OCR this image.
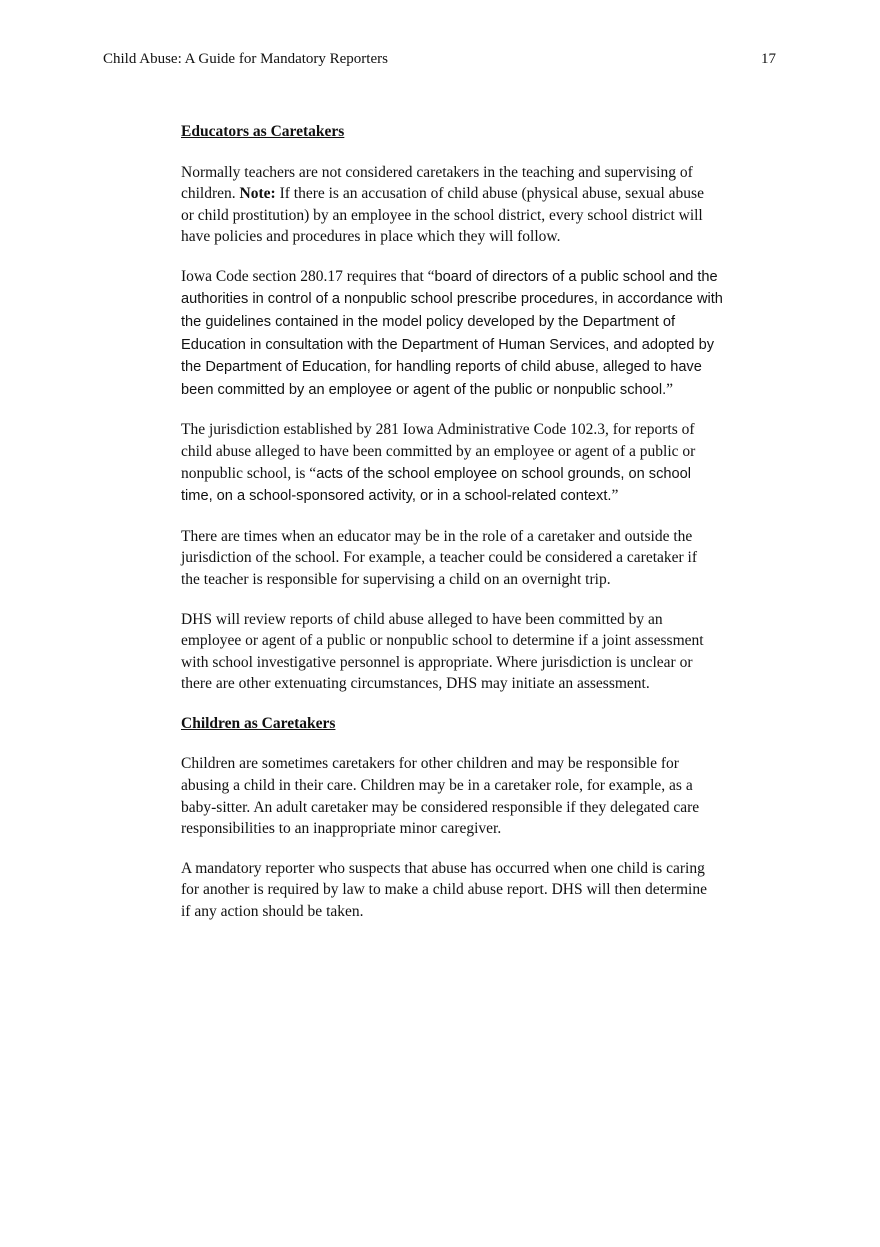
Child Abuse: A Guide for Mandatory Reporters	17
Educators as Caretakers
Normally teachers are not considered caretakers in the teaching and supervising of
children. Note: If there is an accusation of child abuse (physical abuse, sexual abuse
or child prostitution) by an employee in the school district, every school district will
have policies and procedures in place which they will follow.
Iowa Code section 280.17 requires that “board of directors of a public school and the
authorities in control of a nonpublic school prescribe procedures, in accordance with
the guidelines contained in the model policy developed by the Department of
Education in consultation with the Department of Human Services, and adopted by
the Department of Education, for handling reports of child abuse, alleged to have
been committed by an employee or agent of the public or nonpublic school.”
The jurisdiction established by 281 Iowa Administrative Code 102.3, for reports of
child abuse alleged to have been committed by an employee or agent of a public or
nonpublic school, is “acts of the school employee on school grounds, on school
time, on a school-sponsored activity, or in a school-related context.”
There are times when an educator may be in the role of a caretaker and outside the
jurisdiction of the school. For example, a teacher could be considered a caretaker if
the teacher is responsible for supervising a child on an overnight trip.
DHS will review reports of child abuse alleged to have been committed by an
employee or agent of a public or nonpublic school to determine if a joint assessment
with school investigative personnel is appropriate. Where jurisdiction is unclear or
there are other extenuating circumstances, DHS may initiate an assessment.
Children as Caretakers
Children are sometimes caretakers for other children and may be responsible for
abusing a child in their care. Children may be in a caretaker role, for example, as a
baby-sitter. An adult caretaker may be considered responsible if they delegated care
responsibilities to an inappropriate minor caregiver.
A mandatory reporter who suspects that abuse has occurred when one child is caring
for another is required by law to make a child abuse report. DHS will then determine
if any action should be taken.
